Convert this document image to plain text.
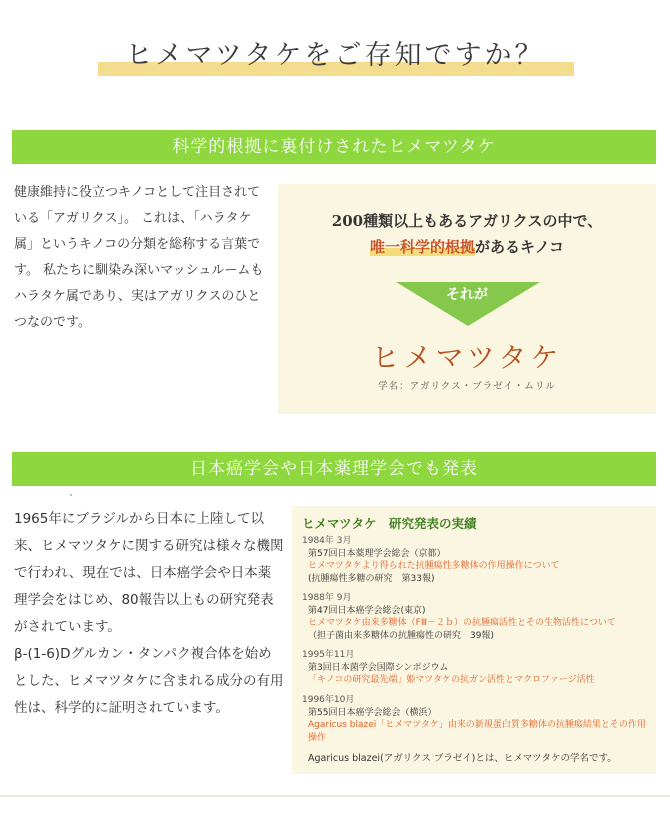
ヒメマツタケをご存知ですか？
科学的根拠に裏付けされたヒメマツタケ
健康維持に役立つキノコとして注目されている「アガリクス」。 これは、「ハラタケ属」というキノコの分類を総称する言葉です。 私たちに馴染み深いマッシュルームもハラタケ属であり、実はアガリクスのひとつなのです。
200種類以上もあるアガリクスの中で、
唯一科学的根拠があるキノコ
それが
ヒメマツタケ
学名：アガリクス・ブラゼイ・ムリル
日本癌学会や日本薬理学会でも発表
1965年にブラジルから日本に上陸して以来、ヒメマツタケに関する研究は様々な機関で行われ、現在では、日本癌学会や日本薬理学会をはじめ、80報告以上もの研究発表がされています。
β-(1-6)Dグルカン・タンパク複合体を始めとした、ヒメマツタケに含まれる成分の有用性は、科学的に証明されています。
ヒメマツタケ　研究発表の実績
1984年 3月
第57回日本薬理学会総会（京都）
ヒメマツタケより得られた抗腫瘍性多糖体の作用操作について
(抗腫瘍性多糖の研究　第33報)
1988年 9月
第47回日本癌学会総会(東京)
ヒメマツタケ由来多糖体（FⅢ－２ｂ）の抗腫瘍活性とその生物活性について
（担子菌由来多糖体の抗腫瘍性の研究　39報)
1995年11月
第3回日本菌学会国際シンポジウム
「キノコの研究最先端」姫マツタケの抗ガン活性とマクロファージ活性
1996年10月
第55回日本癌学会総会（横浜）
Agaricus blazei「ヒメマツタケ」由来の新規蛋白質多糖体の抗腫瘍結果とその作用操作
Agaricus blazei(アガリクス ブラゼイ)とは、ヒメマツタケの学名です。
